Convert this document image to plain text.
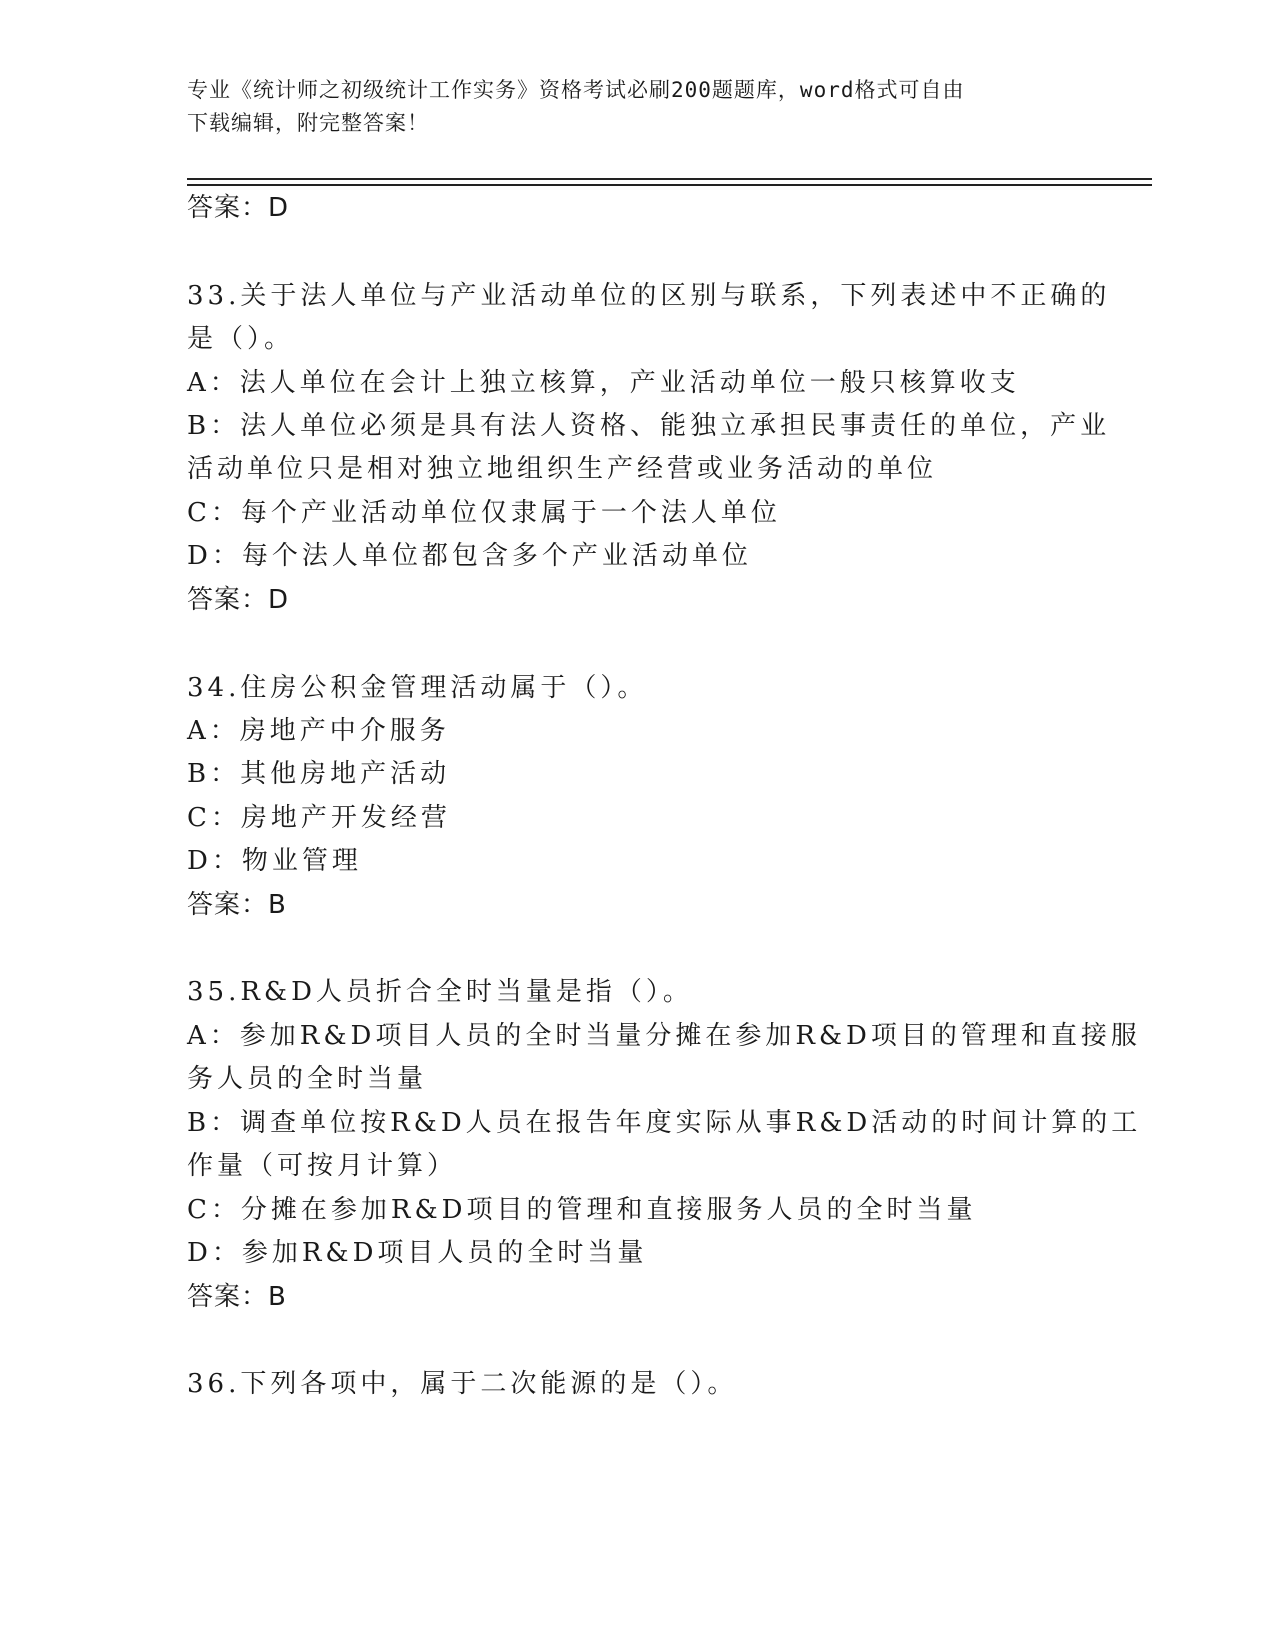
专业《统计师之初级统计工作实务》资格考试必刷200题题库，word格式可自由
下载编辑，附完整答案！
答案：D
33.关于法人单位与产业活动单位的区别与联系，下列表述中不正确的
是（）。
A：法人单位在会计上独立核算，产业活动单位一般只核算收支
B：法人单位必须是具有法人资格、能独立承担民事责任的单位，产业
活动单位只是相对独立地组织生产经营或业务活动的单位
C：每个产业活动单位仅隶属于一个法人单位
D：每个法人单位都包含多个产业活动单位
答案：D
34.住房公积金管理活动属于（）。
A：房地产中介服务
B：其他房地产活动
C：房地产开发经营
D：物业管理
答案：B
35.R&D人员折合全时当量是指（）。
A：参加R&D项目人员的全时当量分摊在参加R&D项目的管理和直接服
务人员的全时当量
B：调查单位按R&D人员在报告年度实际从事R&D活动的时间计算的工
作量（可按月计算）
C：分摊在参加R&D项目的管理和直接服务人员的全时当量
D：参加R&D项目人员的全时当量
答案：B
36.下列各项中，属于二次能源的是（）。
